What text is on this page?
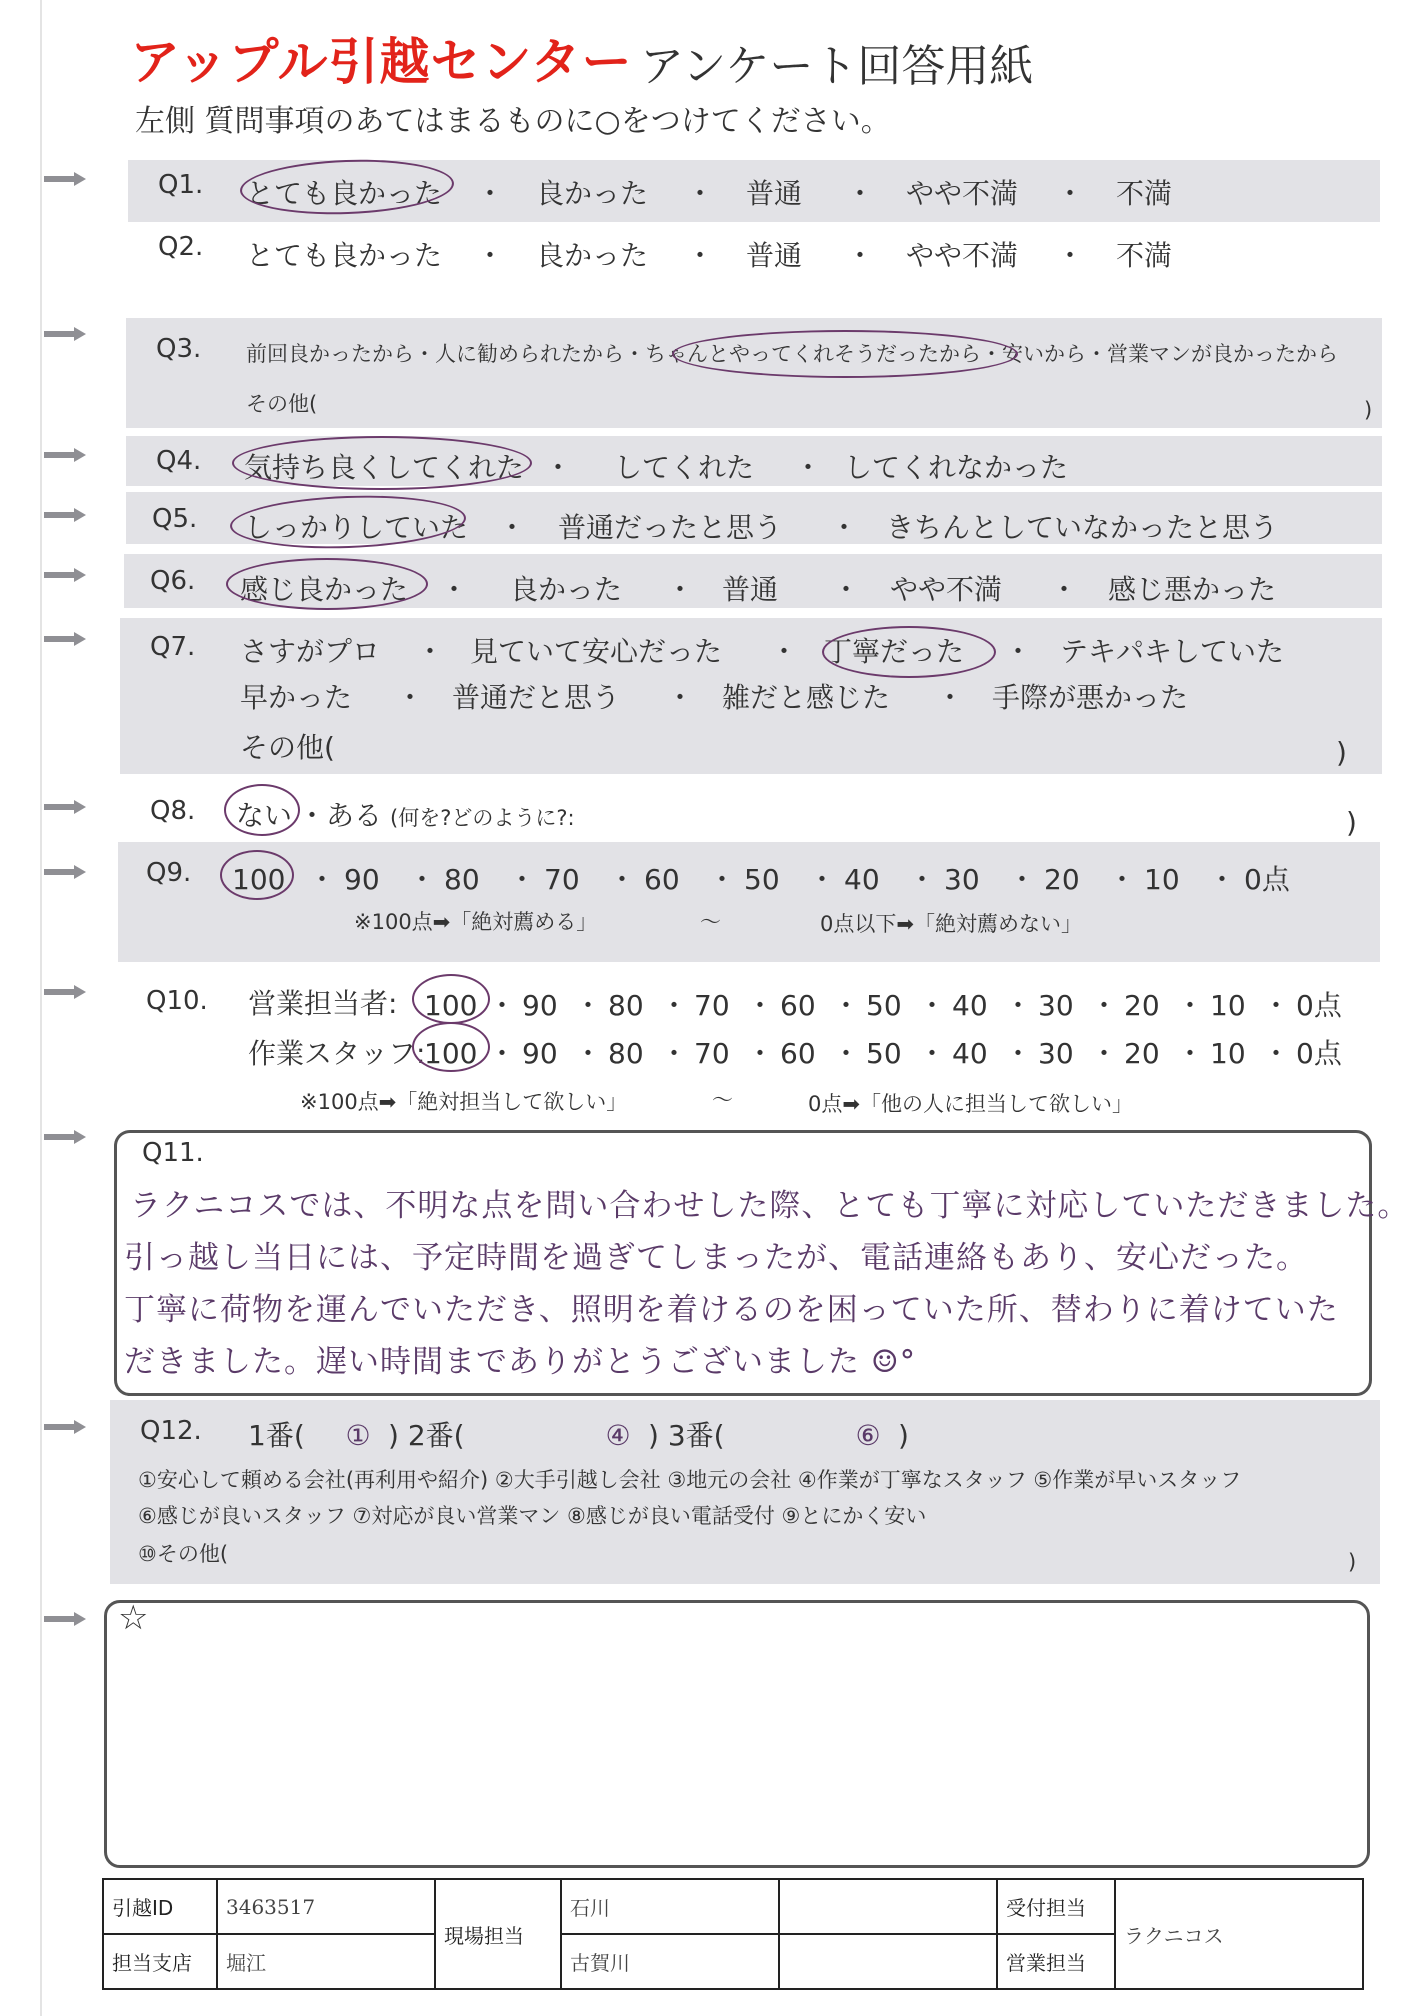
アップル引越センター アンケート回答用紙
左側 質問事項のあてはまるものに○をつけてください。
Q1. とても良かった ・ 良かった ・ 普通 ・ やや不満 ・ 不満
Q2. とても良かった ・ 良かった ・ 普通 ・ やや不満 ・ 不満
Q3. 前回良かったから・人に勧められたから・ちゃんとやってくれそうだったから・安いから・営業マンが良かったから
その他(	)
Q4. 気持ち良くしてくれた ・ してくれた ・ してくれなかった
Q5. しっかりしていた ・ 普通だったと思う ・ きちんとしていなかったと思う
Q6. 感じ良かった ・ 良かった ・ 普通 ・ やや不満 ・ 感じ悪かった
Q7. さすがプロ ・ 見ていて安心だった ・ 丁寧だった ・ テキパキしていた
早かった ・ 普通だと思う ・ 雑だと感じた ・ 手際が悪かった
その他(	)
Q8. ない ・ある (何を?どのように?:	)
Q9. 100 ・ 90 ・ 80 ・ 70 ・ 60 ・ 50 ・ 40 ・ 30 ・ 20 ・ 10 ・ 0点
※100点➡「絶対薦める」	～	0点以下➡「絶対薦めない」
Q10. 営業担当者: 100 ・ 90 ・ 80 ・ 70 ・ 60 ・ 50 ・ 40 ・ 30 ・ 20 ・ 10 ・ 0点
作業スタッフ:
100 ・ 90 ・ 80 ・ 70 ・ 60 ・ 50 ・ 40 ・ 30 ・ 20 ・ 10 ・ 0点
※100点➡「絶対担当して欲しい」	～	0点➡「他の人に担当して欲しい」
Q11.
ラクニコスでは、不明な点を問い合わせした際、とても丁寧に対応していただきました。
引っ越し当日には、予定時間を過ぎてしまったが、電話連絡もあり、安心だった。
丁寧に荷物を運んでいただき、照明を着けるのを困っていた所、替わりに着けていた
だきました。遅い時間までありがとうございました ☺°
Q12. 1番( ① ) 2番(	④ ) 3番(	⑥ )
①安心して頼める会社(再利用や紹介) ②大手引越し会社 ③地元の会社 ④作業が丁寧なスタッフ ⑤作業が早いスタッフ
⑥感じが良いスタッフ ⑦対応が良い営業マン ⑧感じが良い電話受付 ⑨とにかく安い
⑩その他(	)
☆
引越ID	3463517	現場担当	石川		受付担当	ラクニコス
担当支店	堀江		古賀川		営業担当	
